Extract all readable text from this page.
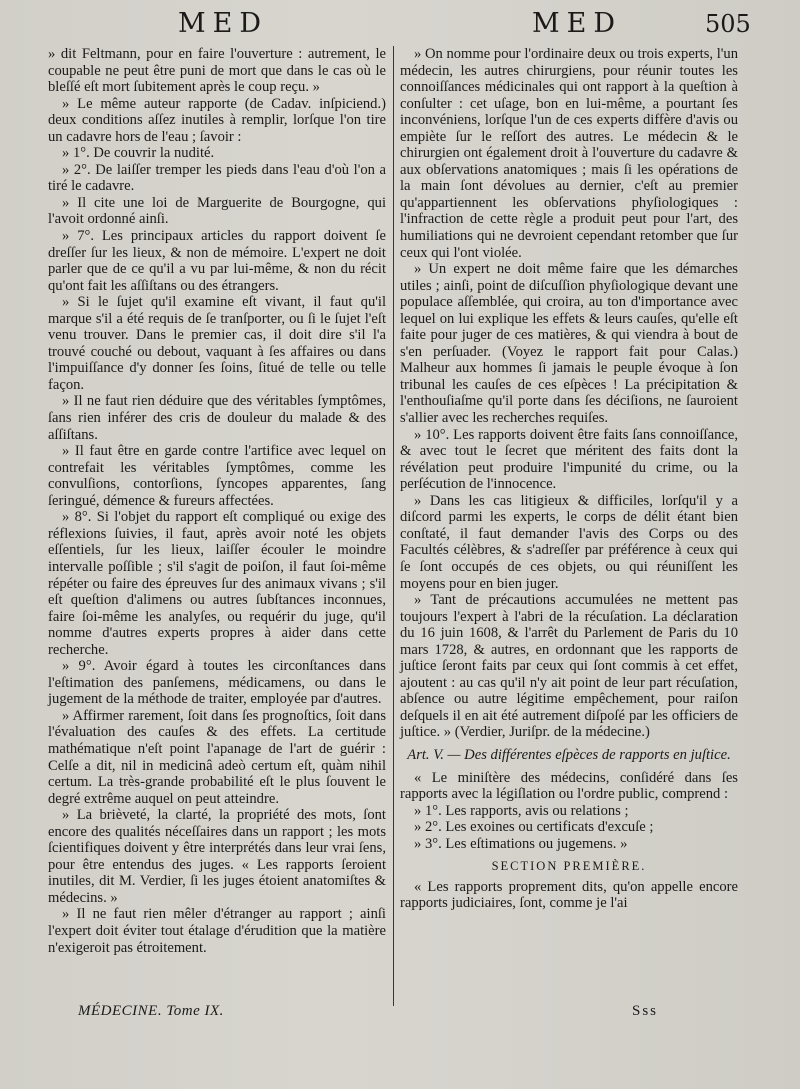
MED	MED	505

» dit Feltmann, pour en faire l'ouverture : autrement, le coupable ne peut être puni de mort que dans le cas où le bleſſé eſt mort ſubitement après le coup reçu. »

» Le même auteur rapporte (de Cadav. inſpiciend.) deux conditions aſſez inutiles à remplir, lorſque l'on tire un cadavre hors de l'eau ; ſavoir :

» 1°. De couvrir la nudité.

» 2°. De laiſſer tremper les pieds dans l'eau d'où l'on a tiré le cadavre.

» Il cite une loi de Marguerite de Bourgogne, qui l'avoit ordonné ainſi.

» 7°. Les principaux articles du rapport doivent ſe dreſſer ſur les lieux, & non de mémoire. L'expert ne doit parler que de ce qu'il a vu par lui-même, & non du récit qu'ont fait les aſſiſtans ou des étrangers.

» Si le ſujet qu'il examine eſt vivant, il faut qu'il marque s'il a été requis de ſe tranſporter, ou ſi le ſujet l'eſt venu trouver. Dans le premier cas, il doit dire s'il l'a trouvé couché ou debout, vaquant à ſes affaires ou dans l'impuiſſance d'y donner ſes ſoins, ſitué de telle ou telle façon.

» Il ne faut rien déduire que des véritables ſymptômes, ſans rien inférer des cris de douleur du malade & des aſſiſtans.

» Il faut être en garde contre l'artifice avec lequel on contrefait les véritables ſymptômes, comme les convulſions, contorſions, ſyncopes apparentes, ſang ſeringué, démence & fureurs affectées.

» 8°. Si l'objet du rapport eſt compliqué ou exige des réflexions ſuivies, il faut, après avoir noté les objets eſſentiels, ſur les lieux, laiſſer écouler le moindre intervalle poſſible ; s'il s'agit de poiſon, il faut ſoi-même répéter ou faire des épreuves ſur des animaux vivans ; s'il eſt queſtion d'alimens ou autres ſubſtances inconnues, faire ſoi-même les analyſes, ou requérir du juge, qu'il nomme d'autres experts propres à aider dans cette recherche.

» 9°. Avoir égard à toutes les circonſtances dans l'eſtimation des panſemens, médicamens, ou dans le jugement de la méthode de traiter, employée par d'autres.

» Affirmer rarement, ſoit dans ſes prognoſtics, ſoit dans l'évaluation des cauſes & des effets. La certitude mathématique n'eſt point l'apanage de l'art de guérir : Celſe a dit, nil in medicinâ adeò certum eſt, quàm nihil certum. La très-grande probabilité eſt le plus ſouvent le degré extrême auquel on peut atteindre.

» La brièveté, la clarté, la propriété des mots, ſont encore des qualités néceſſaires dans un rapport ; les mots ſcientifiques doivent y être interprétés dans leur vrai ſens, pour être entendus des juges. « Les rapports ſeroient inutiles, dit M. Verdier, ſi les juges étoient anatomiſtes & médecins. »

» Il ne faut rien mêler d'étranger au rapport ; ainſi l'expert doit éviter tout étalage d'érudition que la matière n'exigeroit pas étroitement.

» On nomme pour l'ordinaire deux ou trois experts, l'un médecin, les autres chirurgiens, pour réunir toutes les connoiſſances médicinales qui ont rapport à la queſtion à conſulter : cet uſage, bon en lui-même, a pourtant ſes inconvéniens, lorſque l'un de ces experts diffère d'avis ou empiète ſur le reſſort des autres. Le médecin & le chirurgien ont également droit à l'ouverture du cadavre & aux obſervations anatomiques ; mais ſi les opérations de la main ſont dévolues au dernier, c'eſt au premier qu'appartiennent les obſervations phyſiologiques : l'infraction de cette règle a produit peut pour l'art, des humiliations qui ne devroient cependant retomber que ſur ceux qui l'ont violée.

» Un expert ne doit même faire que les démarches utiles ; ainſi, point de diſcuſſion phyſiologique devant une populace aſſemblée, qui croira, au ton d'importance avec lequel on lui explique les effets & leurs cauſes, qu'elle eſt faite pour juger de ces matières, & qui viendra à bout de s'en perſuader. (Voyez le rapport fait pour Calas.) Malheur aux hommes ſi jamais le peuple évoque à ſon tribunal les cauſes de ces eſpèces ! La précipitation & l'enthouſiaſme qu'il porte dans ſes déciſions, ne ſauroient s'allier avec les recherches requiſes.

» 10°. Les rapports doivent être faits ſans connoiſſance, & avec tout le ſecret que méritent des faits dont la révélation peut produire l'impunité du crime, ou la perſécution de l'innocence.

» Dans les cas litigieux & difficiles, lorſqu'il y a diſcord parmi les experts, le corps de délit étant bien conſtaté, il faut demander l'avis des Corps ou des Facultés célèbres, & s'adreſſer par préférence à ceux qui ſe ſont occupés de ces objets, ou qui réuniſſent les moyens pour en bien juger.

» Tant de précautions accumulées ne mettent pas toujours l'expert à l'abri de la récuſation. La déclaration du 16 juin 1608, & l'arrêt du Parlement de Paris du 10 mars 1728, & autres, en ordonnant que les rapports de juſtice ſeront faits par ceux qui ſont commis à cet effet, ajoutent : au cas qu'il n'y ait point de leur part récuſation, abſence ou autre légitime empêchement, pour raiſon deſquels il en ait été autrement diſpoſé par les officiers de juſtice. » (Verdier, Juriſpr. de la médecine.)

Art. V. — Des différentes eſpèces de rapports en juſtice.

« Le miniſtère des médecins, conſidéré dans ſes rapports avec la légiſlation ou l'ordre public, comprend :

» 1°. Les rapports, avis ou relations ;

» 2°. Les exoines ou certificats d'excuſe ;

» 3°. Les eſtimations ou jugemens. »

SECTION PREMIÈRE.

« Les rapports proprement dits, qu'on appelle encore rapports judiciaires, ſont, comme je l'ai

MÉDECINE. Tome IX.	Sss
